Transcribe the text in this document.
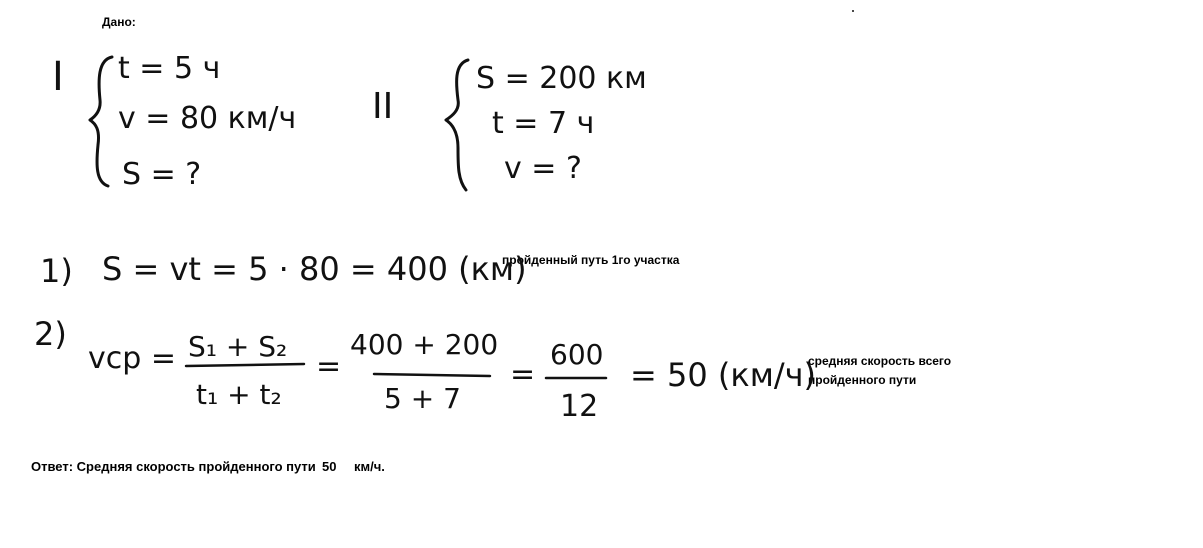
Дано:
пройденный путь 1го участка
средняя скорость всего
пройденного пути
Ответ: Средняя скорость пройденного пути 50 км/ч.
I t = 5 ч
v = 80 км/ч
S = ?
II
S = 200 км
t = 7 ч
v = ?
1) S = vt = 5 · 80 = 400 (км)
2)
vср = S₁ + S₂
t₁ + t₂
=
400 + 200
5 + 7
=
600
12
= 50 (км/ч)
